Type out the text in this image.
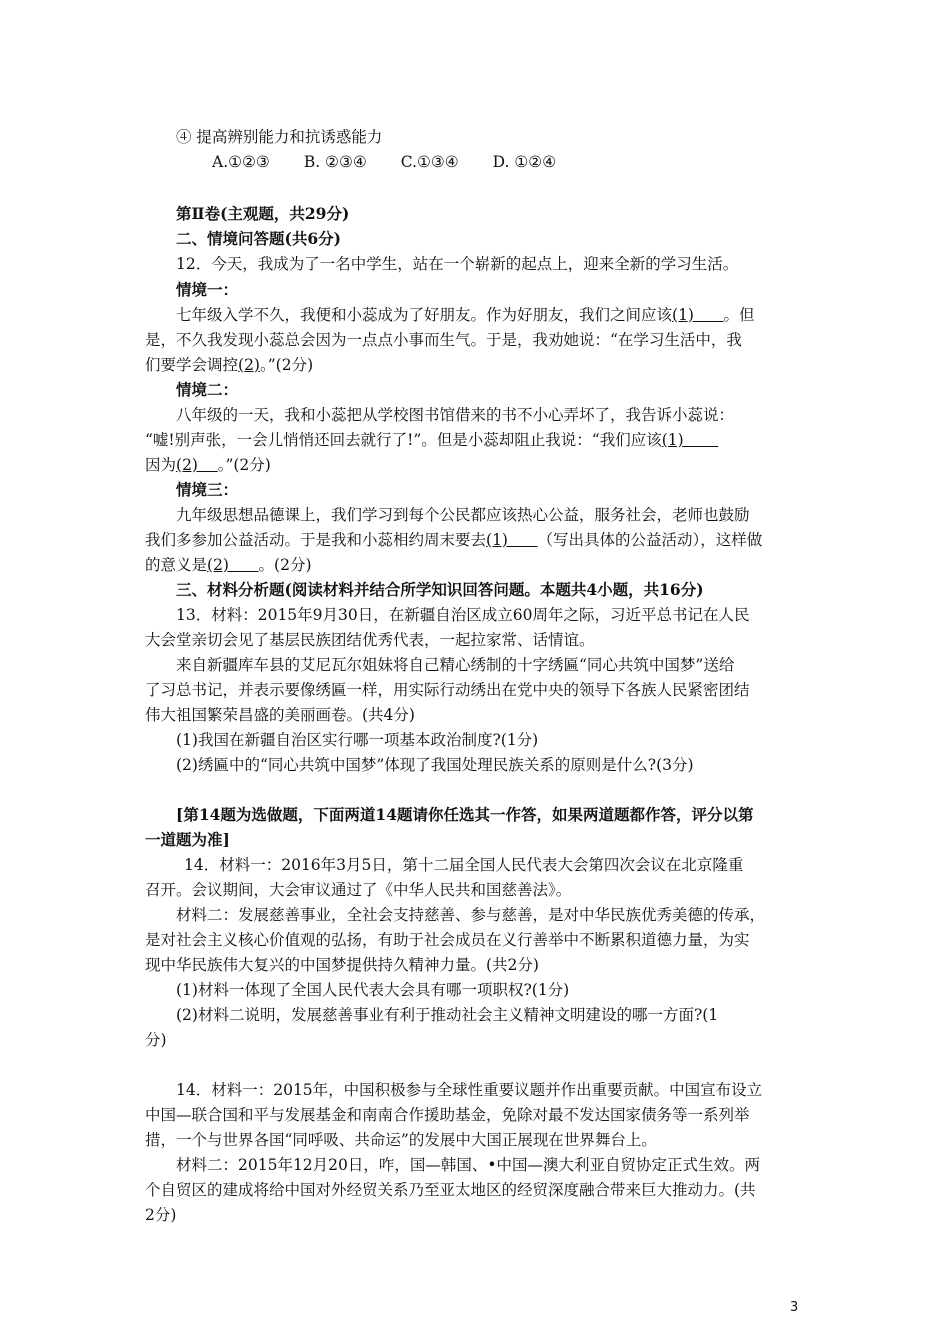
④ 提高辨别能力和抗诱惑能力
A.①②③ B. ②③④ C.①③④ D. ①②④
第Ⅱ卷(主观题，共29分)
二、情境问答题(共6分)
12．今天，我成为了一名中学生，站在一个崭新的起点上，迎来全新的学习生活。
情境一：
七年级入学不久，我便和小蕊成为了好朋友。作为好朋友，我们之间应该(1) 。但
是，不久我发现小蕊总会因为一点点小事而生气。于是，我劝她说：“在学习生活中，我
们要学会调控(2)。”(2分)
情境二：
八年级的一天，我和小蕊把从学校图书馆借来的书不小心弄坏了，我告诉小蕊说：
“嘘!别声张，一会儿悄悄还回去就行了!”。但是小蕊却阻止我说：“我们应该(1)
因为(2) 。”(2分)
情境三：
九年级思想品德课上，我们学习到每个公民都应该热心公益，服务社会，老师也鼓励
我们多参加公益活动。于是我和小蕊相约周末要去(1) （写出具体的公益活动），这样做
的意义是(2) 。(2分)
三、材料分析题(阅读材料并结合所学知识回答问题。本题共4小题，共16分)
13．材料：2015年9月30日，在新疆自治区成立60周年之际，习近平总书记在人民
大会堂亲切会见了基层民族团结优秀代表，一起拉家常、话情谊。
来自新疆库车县的艾尼瓦尔姐妹将自己精心绣制的十字绣匾“同心共筑中国梦”送给
了习总书记，并表示要像绣匾一样，用实际行动绣出在党中央的领导下各族人民紧密团结
伟大祖国繁荣昌盛的美丽画卷。(共4分)
(1)我国在新疆自治区实行哪一项基本政治制度?(1分)
(2)绣匾中的“同心共筑中国梦”体现了我国处理民族关系的原则是什么?(3分)
[第14题为选做题，下面两道14题请你任选其一作答，如果两道题都作答，评分以第
一道题为准]
14．材料一：2016年3月5日，第十二届全国人民代表大会第四次会议在北京隆重
召开。会议期间，大会审议通过了《中华人民共和国慈善法》。
材料二：发展慈善事业，全社会支持慈善、参与慈善，是对中华民族优秀美德的传承，
是对社会主义核心价值观的弘扬，有助于社会成员在义行善举中不断累积道德力量，为实
现中华民族伟大复兴的中国梦提供持久精神力量。(共2分)
(1)材料一体现了全国人民代表大会具有哪一项职权?(1分)
(2)材料二说明，发展慈善事业有利于推动社会主义精神文明建设的哪一方面?(1
分)
14．材料一：2015年，中国积极参与全球性重要议题并作出重要贡献。中国宣布设立
中国—联合国和平与发展基金和南南合作援助基金，免除对最不发达国家债务等一系列举
措，一个与世界各国“同呼吸、共命运”的发展中大国正展现在世界舞台上。
材料二：2015年12月20日，咋，国—韩国、•中国—澳大利亚自贸协定正式生效。两
个自贸区的建成将给中国对外经贸关系乃至亚太地区的经贸深度融合带来巨大推动力。(共
2分)
3
